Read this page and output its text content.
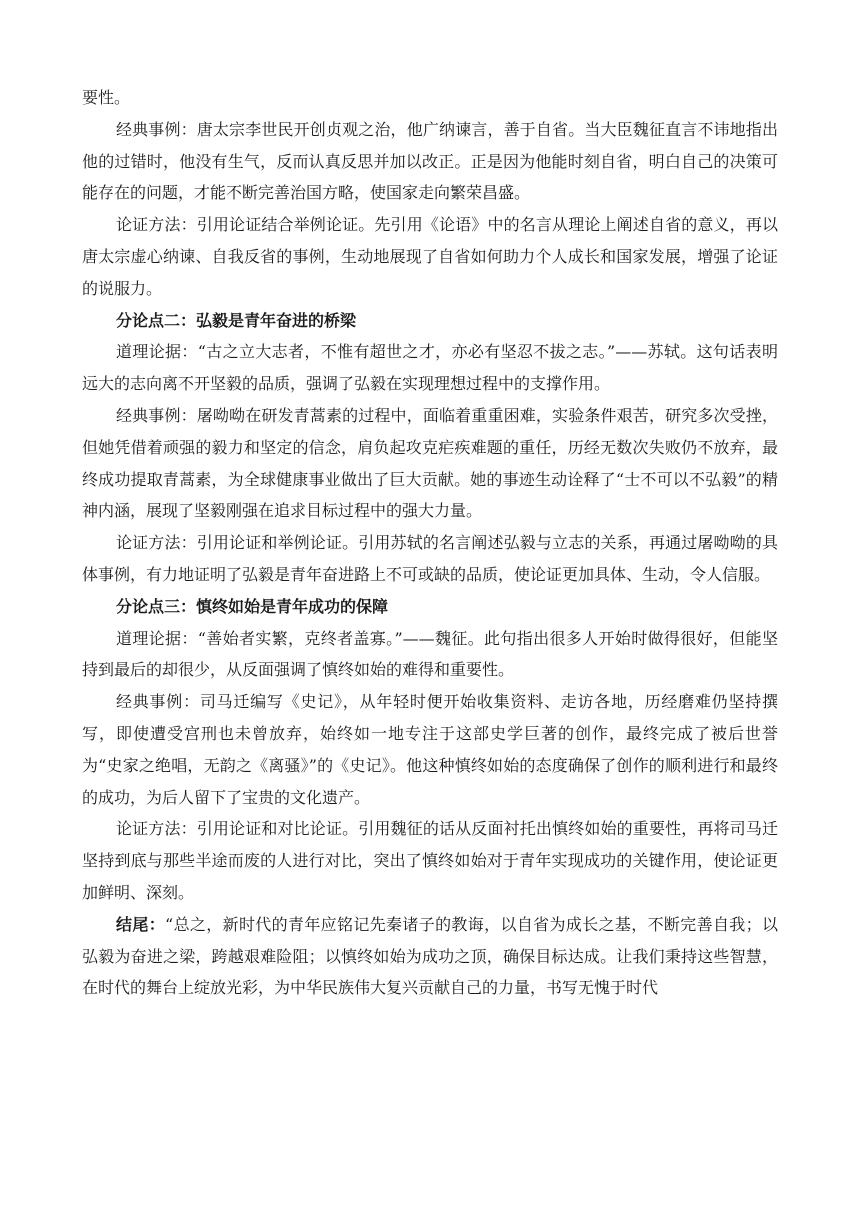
要性。

经典事例：唐太宗李世民开创贞观之治，他广纳谏言，善于自省。当大臣魏征直言不讳地指出他的过错时，他没有生气，反而认真反思并加以改正。正是因为他能时刻自省，明白自己的决策可能存在的问题，才能不断完善治国方略，使国家走向繁荣昌盛。

论证方法：引用论证结合举例论证。先引用《论语》中的名言从理论上阐述自省的意义，再以唐太宗虚心纳谏、自我反省的事例，生动地展现了自省如何助力个人成长和国家发展，增强了论证的说服力。

分论点二：弘毅是青年奋进的桥梁

道理论据：“古之立大志者，不惟有超世之才，亦必有坚忍不拔之志。”——苏轼。这句话表明远大的志向离不开坚毅的品质，强调了弘毅在实现理想过程中的支撑作用。

经典事例：屠呦呦在研发青蒿素的过程中，面临着重重困难，实验条件艰苦，研究多次受挫，但她凭借着顽强的毅力和坚定的信念，肩负起攻克疟疾难题的重任，历经无数次失败仍不放弃，最终成功提取青蒿素，为全球健康事业做出了巨大贡献。她的事迹生动诠释了“士不可以不弘毅”的精神内涵，展现了坚毅刚强在追求目标过程中的强大力量。

论证方法：引用论证和举例论证。引用苏轼的名言阐述弘毅与立志的关系，再通过屠呦呦的具体事例，有力地证明了弘毅是青年奋进路上不可或缺的品质，使论证更加具体、生动，令人信服。

分论点三：慎终如始是青年成功的保障

道理论据：“善始者实繁，克终者盖寡。”——魏征。此句指出很多人开始时做得很好，但能坚持到最后的却很少，从反面强调了慎终如始的难得和重要性。

经典事例：司马迁编写《史记》，从年轻时便开始收集资料、走访各地，历经磨难仍坚持撰写，即使遭受宫刑也未曾放弃，始终如一地专注于这部史学巨著的创作，最终完成了被后世誉为“史家之绝唱，无韵之《离骚》”的《史记》。他这种慎终如始的态度确保了创作的顺利进行和最终的成功，为后人留下了宝贵的文化遗产。

论证方法：引用论证和对比论证。引用魏征的话从反面衬托出慎终如始的重要性，再将司马迁坚持到底与那些半途而废的人进行对比，突出了慎终如始对于青年实现成功的关键作用，使论证更加鲜明、深刻。

结尾：“总之，新时代的青年应铭记先秦诸子的教诲，以自省为成长之基，不断完善自我；以弘毅为奋进之梁，跨越艰难险阻；以慎终如始为成功之顶，确保目标达成。让我们秉持这些智慧，在时代的舞台上绽放光彩，为中华民族伟大复兴贡献自己的力量，书写无愧于时代
